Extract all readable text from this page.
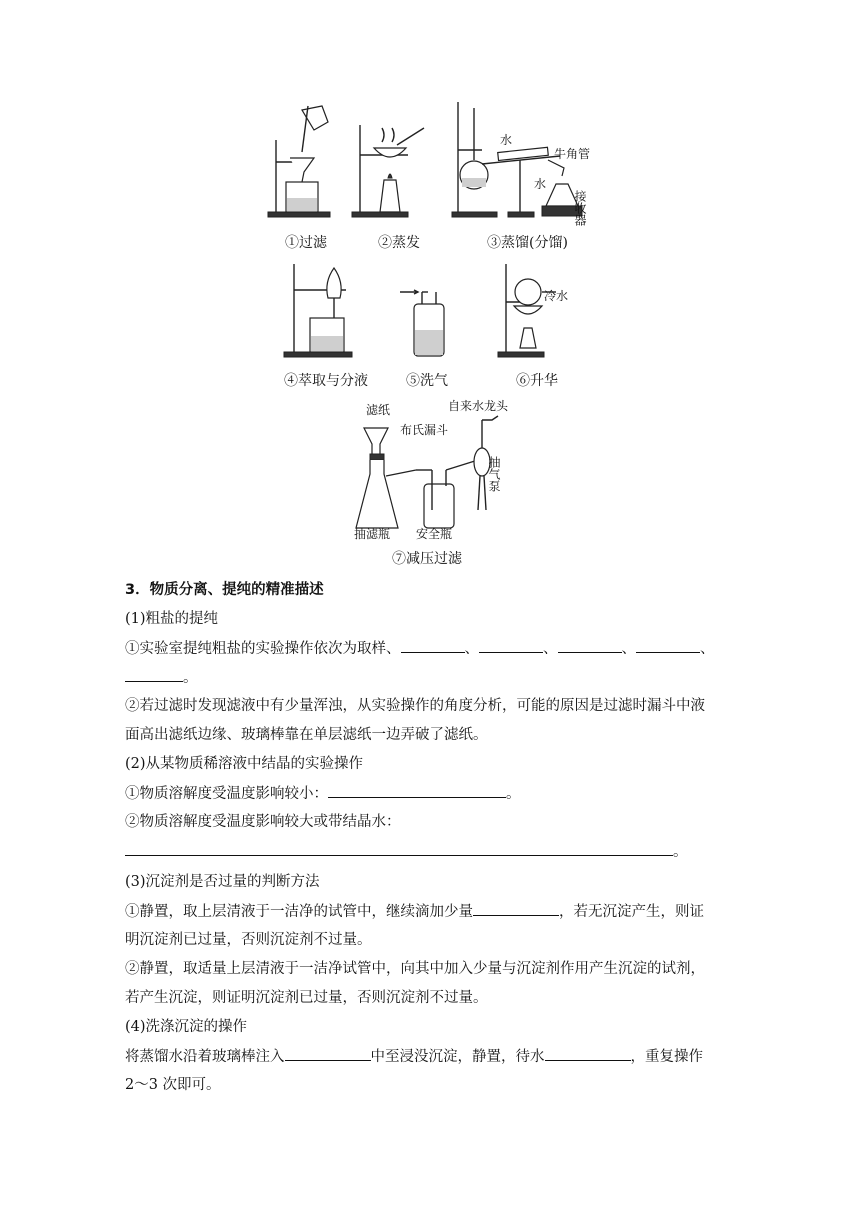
水
水
牛角管
接收器
①过滤	②蒸发	③蒸馏(分馏)
冷水
④萃取与分液	⑤洗气	⑥升华
滤纸	自来水龙头
布氏漏斗
抽气泵
抽滤瓶 安全瓶
⑦减压过滤
3．物质分离、提纯的精准描述
(1)粗盐的提纯
①实验室提纯粗盐的实验操作依次为取样、	、	、	、	、
。
②若过滤时发现滤液中有少量浑浊，从实验操作的角度分析，可能的原因是过滤时漏斗中液
面高出滤纸边缘、玻璃棒靠在单层滤纸一边弄破了滤纸。
(2)从某物质稀溶液中结晶的实验操作
①物质溶解度受温度影响较小：	。
②物质溶解度受温度影响较大或带结晶水：
。
(3)沉淀剂是否过量的判断方法
①静置，取上层清液于一洁净的试管中，继续滴加少量	，若无沉淀产生，则证
明沉淀剂已过量，否则沉淀剂不过量。
②静置，取适量上层清液于一洁净试管中，向其中加入少量与沉淀剂作用产生沉淀的试剂，
若产生沉淀，则证明沉淀剂已过量，否则沉淀剂不过量。
(4)洗涤沉淀的操作
将蒸馏水沿着玻璃棒注入	中至浸没沉淀，静置，待水	，重复操作
2～3 次即可。
